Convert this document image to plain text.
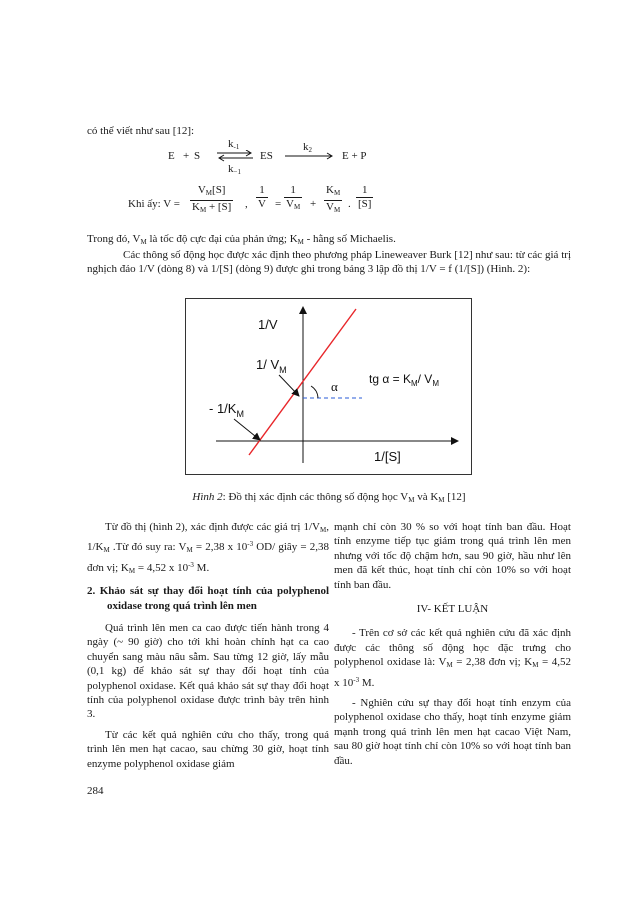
có thể viết như sau [12]:

E + S
$k_{-1}$
$k_{-1}$
ES
$k_2$	E + P
Khi ấy: $V = \frac{V_M[S]}{K_M + [S]}$ , $\frac{1}{V} = \frac{1}{V_M} + \frac{K_M}{V_M}$ . $\frac{1}{[S]}$

Trong đó, $V_M$ là tốc độ cực đại của phản ứng; $K_M$ - hằng số Michaelis.

Các thông số động học được xác định theo phương pháp Lineweaver Burk [12] như sau: từ các giá trị nghịch đảo 1/V (dòng 8) và 1/[S] (dòng 9) được ghi trong bảng 3 lập đồ thị 1/V = f (1/[S]) (Hình. 2):

1/V
1/ $V_M$
- $1/K_M$
α	tg $\alpha = K_M/$ $V_M$
1/[S]
Hình 2: Đồ thị xác định các thông số động học $V_M$ và $K_M$ [12]

Từ đồ thị (hình 2), xác định được các giá trị $1/V_M$, $1/K_M$ .Từ đó suy ra: $V_M = 2,38$ x $10^{-3}$ OD/ giây = 2,38 đơn vị; $K_M = 4,52$ x $10^{-3}$ M.

2. Khảo sát sự thay đổi hoạt tính của polyphenol oxidase trong quá trình lên men

Quá trình lên men ca cao được tiến hành trong 4 ngày (~ 90 giờ) cho tới khi hoàn chỉnh hạt ca cao chuyển sang màu nâu sẫm. Sau từng 12 giờ, lấy mẫu (0,1 kg) để khảo sát sự thay đổi hoạt tính của polyphenol oxidase. Kết quả khảo sát sự thay đổi hoạt tính của polyphenol oxidase được trình bày trên hình 3.

Từ các kết quả nghiên cứu cho thấy, trong quá trình lên men hạt cacao, sau chừng 30 giờ, hoạt tính enzyme polyphenol oxidase giảm

mạnh chỉ còn 30 % so với hoạt tính ban đầu. Hoạt tính enzyme tiếp tục giảm trong quá trình lên men nhưng với tốc độ chậm hơn, sau 90 giờ, hầu như lên men đã kết thúc, hoạt tính chỉ còn 10% so với hoạt tính ban đầu.

IV- KẾT LUẬN

- Trên cơ sở các kết quả nghiên cứu đã xác định được các thông số động học đặc trưng cho polyphenol oxidase là: $V_M = 2,38$ đơn vị; $K_M = 4,52$ x $10^{-3}$ M.

- Nghiên cứu sự thay đổi hoạt tính enzym của polyphenol oxidase cho thấy, hoạt tính enzyme giảm mạnh trong quá trình lên men hạt cacao Việt Nam, sau 80 giờ hoạt tính chỉ còn 10% so với hoạt tính ban đầu.

284
